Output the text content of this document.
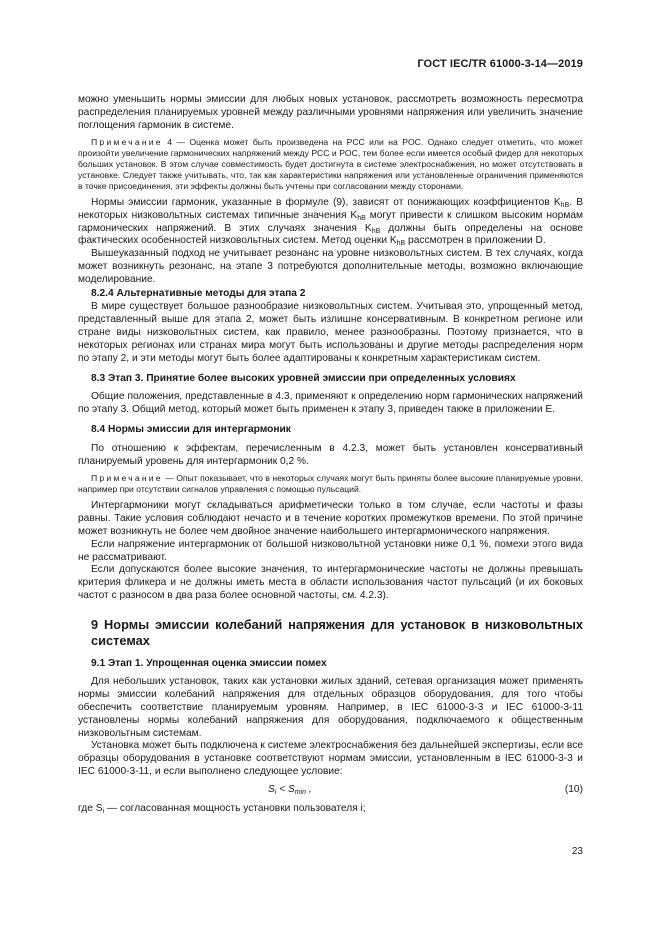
ГОСТ IEC/TR 61000-3-14—2019

можно уменьшить нормы эмиссии для любых новых установок, рассмотреть возможность пересмотра распределения планируемых уровней между различными уровнями напряжения или увеличить значение поглощения гармоник в системе.

Примечание 4 — Оценка может быть произведена на PCC или на POC. Однако следует отметить, что может произойти увеличение гармонических напряжений между PCC и POC, тем более если имеется особый фидер для некоторых больших установок. В этом случае совместимость будет достигнута в системе электроснабжения, но может отсутствовать в установке. Следует также учитывать, что, так как характеристики напряжения или установленные ограничения применяются в точке присоединения, эти эффекты должны быть учтены при согласовании между сторонами.

Нормы эмиссии гармоник, указанные в формуле (9), зависят от понижающих коэффициентов $K_{hB}$. В некоторых низковольтных системах типичные значения $K_{hB}$ могут привести к слишком высоким нормам гармонических напряжений. В этих случаях значения $K_{hB}$ должны быть определены на основе фактических особенностей низковольтных систем. Метод оценки $K_{hB}$ рассмотрен в приложении D.

Вышеуказанный подход не учитывает резонанс на уровне низковольтных систем. В тех случаях, когда может возникнуть резонанс, на этапе 3 потребуются дополнительные методы, возможно включающие моделирование.

8.2.4 Альтернативные методы для этапа 2

В мире существует большое разнообразие низковольтных систем. Учитывая это, упрощенный метод, представленный выше для этапа 2, может быть излишне консервативным. В конкретном регионе или стране виды низковольтных систем, как правило, менее разнообразны. Поэтому признается, что в некоторых регионах или странах мира могут быть использованы и другие методы распределения норм по этапу 2, и эти методы могут быть более адаптированы к конкретным характеристикам систем.

8.3 Этап 3. Принятие более высоких уровней эмиссии при определенных условиях

Общие положения, представленные в 4.3, применяют к определению норм гармонических напряжений по этапу 3. Общий метод, который может быть применен к этапу 3, приведен также в приложении E.

8.4 Нормы эмиссии для интергармоник

По отношению к эффектам, перечисленным в 4.2.3, может быть установлен консервативный планируемый уровень для интергармоник 0,2 %.

Примечание — Опыт показывает, что в некоторых случаях могут быть приняты более высокие планируемые уровни, например при отсутствии сигналов управления с помощью пульсаций.

Интергармоники могут складываться арифметически только в том случае, если частоты и фазы равны. Такие условия соблюдают нечасто и в течение коротких промежутков времени. По этой причине может возникнуть не более чем двойное значение наибольшего интергармонического напряжения.

Если напряжение интергармоник от большой низковольтной установки ниже 0,1 %, помехи этого вида не рассматривают.

Если допускаются более высокие значения, то интергармонические частоты не должны превышать критерия фликера и не должны иметь места в области использования частот пульсаций (и их боковых частот с разносом в два раза более основной частоты, см. 4.2.3).

9 Нормы эмиссии колебаний напряжения для установок в низковольтных системах

9.1 Этап 1. Упрощенная оценка эмиссии помех

Для небольших установок, таких как установки жилых зданий, сетевая организация может применять нормы эмиссии колебаний напряжения для отдельных образцов оборудования, для того чтобы обеспечить соответствие планируемым уровням. Например, в IEC 61000-3-3 и IEC 61000-3-11 установлены нормы колебаний напряжения для оборудования, подключаемого к общественным низковольтным системам.

Установка может быть подключена к системе электроснабжения без дальнейшей экспертизы, если все образцы оборудования в установке соответствуют нормам эмиссии, установленным в IEC 61000-3-3 и IEC 61000-3-11, и если выполнено следующее условие:

$S_i < S_{min}$ ,	(10)

где $S_i$ — согласованная мощность установки пользователя i;

23
